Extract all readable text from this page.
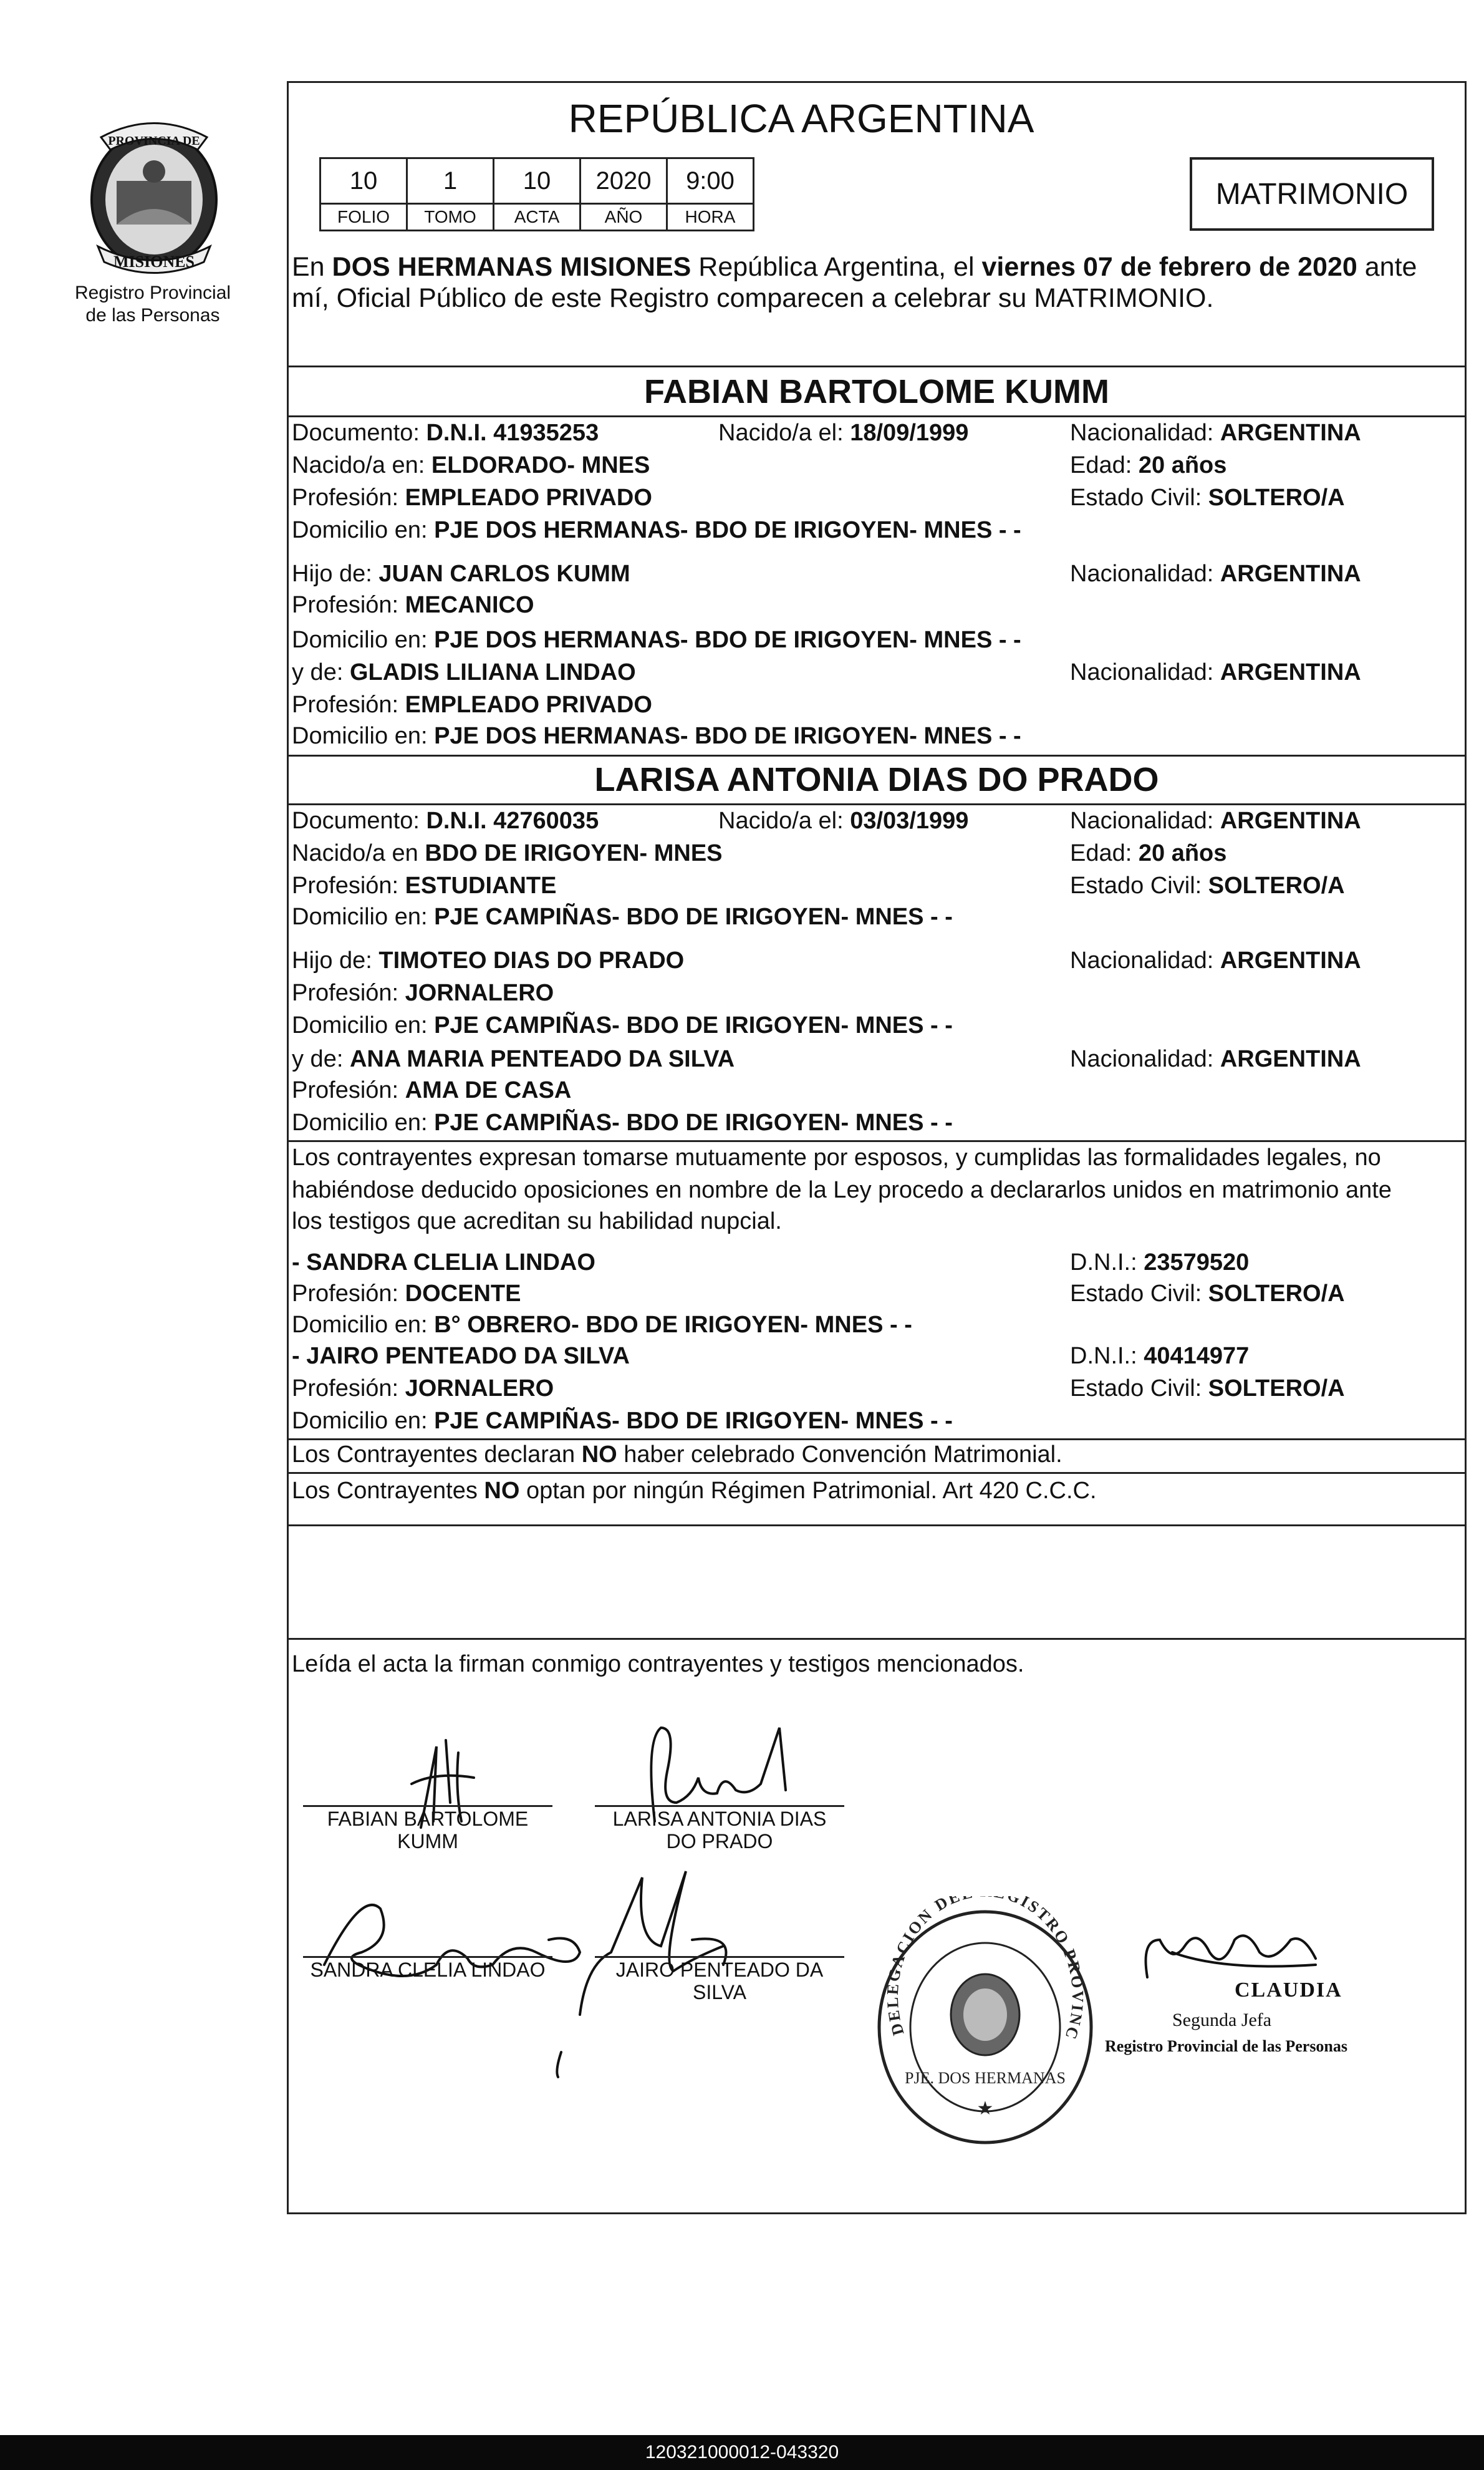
PROVINCIA DE
MISIONES
Registro Provincial
de las Personas
REPÚBLICA ARGENTINA
10	1	10	2020	9:00
FOLIO	TOMO	ACTA	AÑO	HORA
MATRIMONIO
En DOS HERMANAS MISIONES República Argentina, el viernes 07 de febrero de 2020 ante
mí, Oficial Público de este Registro comparecen a celebrar su MATRIMONIO.
FABIAN BARTOLOME KUMM
Documento: D.N.I. 41935253	Nacido/a el: 18/09/1999	Nacionalidad: ARGENTINA
Nacido/a en: ELDORADO- MNES	Edad: 20 años
Profesión: EMPLEADO PRIVADO	Estado Civil: SOLTERO/A
Domicilio en: PJE DOS HERMANAS- BDO DE IRIGOYEN- MNES - -
Hijo de: JUAN CARLOS KUMM	Nacionalidad: ARGENTINA
Profesión: MECANICO
Domicilio en: PJE DOS HERMANAS- BDO DE IRIGOYEN- MNES - -
y de: GLADIS LILIANA LINDAO	Nacionalidad: ARGENTINA
Profesión: EMPLEADO PRIVADO
Domicilio en: PJE DOS HERMANAS- BDO DE IRIGOYEN- MNES - -
LARISA ANTONIA DIAS DO PRADO
Documento: D.N.I. 42760035	Nacido/a el: 03/03/1999	Nacionalidad: ARGENTINA
Nacido/a en BDO DE IRIGOYEN- MNES	Edad: 20 años
Profesión: ESTUDIANTE	Estado Civil: SOLTERO/A
Domicilio en: PJE CAMPIÑAS- BDO DE IRIGOYEN- MNES - -
Hijo de: TIMOTEO DIAS DO PRADO	Nacionalidad: ARGENTINA
Profesión: JORNALERO
Domicilio en: PJE CAMPIÑAS- BDO DE IRIGOYEN- MNES - -
y de: ANA MARIA PENTEADO DA SILVA	Nacionalidad: ARGENTINA
Profesión: AMA DE CASA
Domicilio en: PJE CAMPIÑAS- BDO DE IRIGOYEN- MNES - -
Los contrayentes expresan tomarse mutuamente por esposos, y cumplidas las formalidades legales, no
habiéndose deducido oposiciones en nombre de la Ley procedo a declararlos unidos en matrimonio ante
los testigos que acreditan su habilidad nupcial.
- SANDRA CLELIA LINDAO	D.N.I.: 23579520
Profesión: DOCENTE	Estado Civil: SOLTERO/A
Domicilio en: B° OBRERO- BDO DE IRIGOYEN- MNES - -
- JAIRO PENTEADO DA SILVA	D.N.I.: 40414977
Profesión: JORNALERO	Estado Civil: SOLTERO/A
Domicilio en: PJE CAMPIÑAS- BDO DE IRIGOYEN- MNES - -
Los Contrayentes declaran NO haber celebrado Convención Matrimonial.
Los Contrayentes NO optan por ningún Régimen Patrimonial. Art 420 C.C.C.
Leída el acta la firman conmigo contrayentes y testigos mencionados.
FABIAN BARTOLOME
KUMM
LARISA ANTONIA DIAS
DO PRADO
SANDRA CLELIA LINDAO	JAIRO PENTEADO DA
SILVA
DELEGACION DE GISTRO PROVINC
PJE. DOS HERMANAS
★
CLAUDIA
Segunda Jefa
Registro Provincial de las Personas
120321000012-043320
